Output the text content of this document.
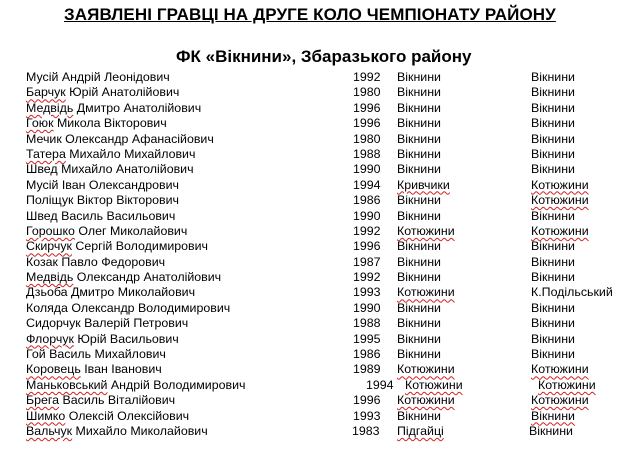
ЗАЯВЛЕНІ ГРАВЦІ НА ДРУГЕ КОЛО ЧЕМПІОНАТУ РАЙОНУ
ФК «Вікнини», Збаразького району
Мусій Андрій Леонідович	1992 Вікнини	Вікнини
Барчук Юрій Анатолійович	1980 Вікнини	Вікнини
Медвідь Дмитро Анатолійович	1996 Вікнини	Вікнини
Гоюк Микола Вікторович	1996 Вікнини	Вікнини
Мечик Олександр Афанасійович	1980 Вікнини	Вікнини
Татера Михайло Михайлович	1988 Вікнини	Вікнини
Швед Михайло Анатолійович	1990 Вікнини	Вікнини
Мусій Іван Олександрович	1994 Кривчики	Котюжини
Поліщук Віктор Вікторович	1986 Вікнини	Котюжини
Швед Василь Васильович	1990 Вікнини	Вікнини
Горошко Олег Миколайович	1992 Котюжини	Котюжини
Скирчук Сергій Володимирович	1996 Вікнини	Вікнини
Козак Павло Федорович	1987 Вікнини	Вікнини
Медвідь Олександр Анатолійович	1992 Вікнини	Вікнини
Дзьоба Дмитро Миколайович	1993 Котюжини	К.Подільський
Коляда Олександр Володимирович	1990 Вікнини	Вікнини
Сидорчук Валерій Петрович	1988 Вікнини	Вікнини
Флорчук Юрій Васильович	1995 Вікнини	Вікнини
Гой Василь Михайлович	1986 Вікнини	Вікнини
Коровець Іван Іванович	1989 Котюжини	Котюжини
Маньковський Андрій Володимирович	1994 Котюжини	Котюжини
Брега Василь Віталійович	1996 Котюжини	Котюжини
Шимко Олексій Олексійович	1993 Вікнини	Вікнини
Вальчук Михайло Миколайович	1983 Підгайці	Вікнини
